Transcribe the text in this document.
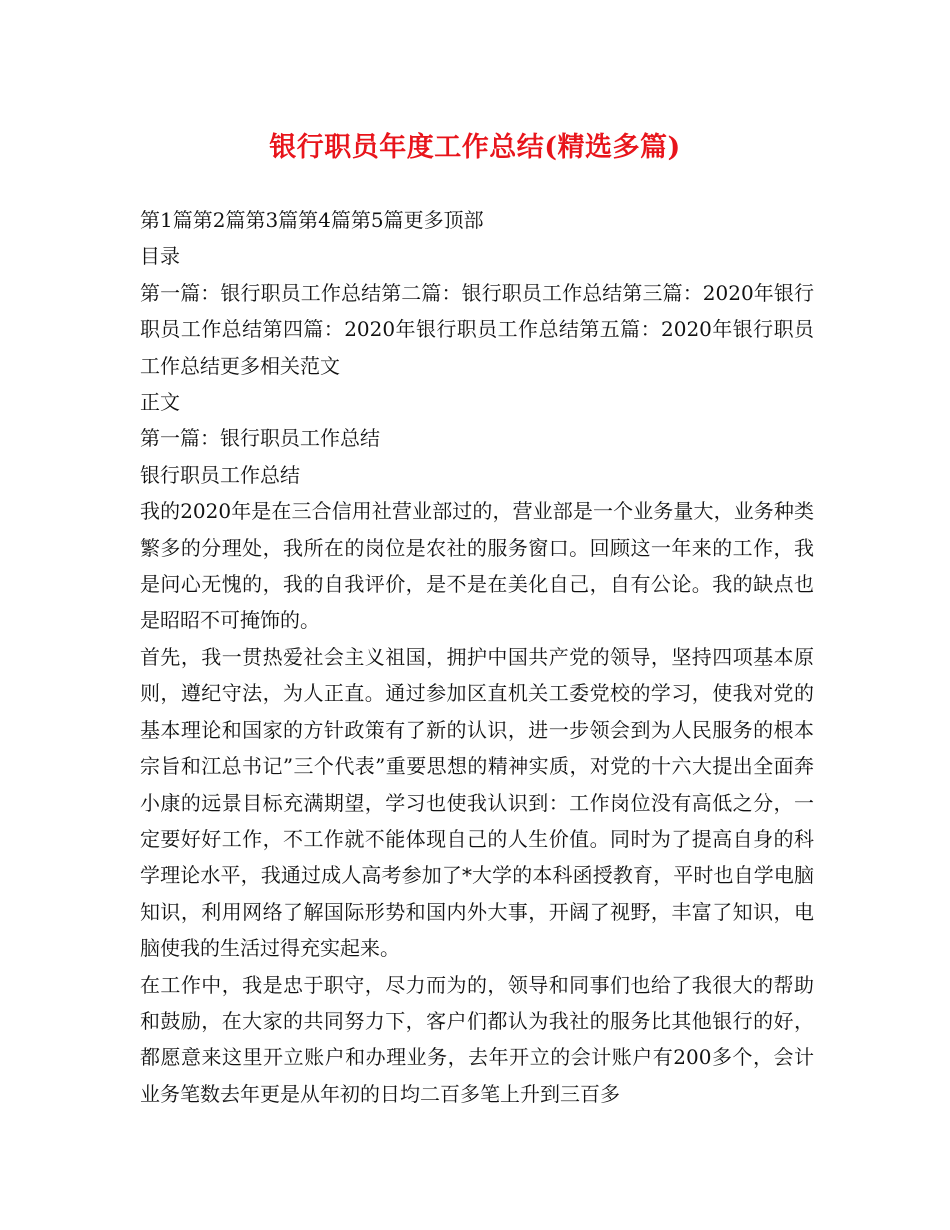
银行职员年度工作总结(精选多篇)

第1篇第2篇第3篇第4篇第5篇更多顶部

目录

第一篇：银行职员工作总结第二篇：银行职员工作总结第三篇：2020年银行职员工作总结第四篇：2020年银行职员工作总结第五篇：2020年银行职员工作总结更多相关范文

正文

第一篇：银行职员工作总结

银行职员工作总结

我的2020年是在三合信用社营业部过的，营业部是一个业务量大，业务种类繁多的分理处，我所在的岗位是农社的服务窗口。回顾这一年来的工作，我是问心无愧的，我的自我评价，是不是在美化自己，自有公论。我的缺点也是昭昭不可掩饰的。

首先，我一贯热爱社会主义祖国，拥护中国共产党的领导，坚持四项基本原则，遵纪守法，为人正直。通过参加区直机关工委党校的学习，使我对党的基本理论和国家的方针政策有了新的认识，进一步领会到为人民服务的根本宗旨和江总书记”三个代表”重要思想的精神实质，对党的十六大提出全面奔小康的远景目标充满期望，学习也使我认识到：工作岗位没有高低之分，一定要好好工作，不工作就不能体现自己的人生价值。同时为了提高自身的科学理论水平，我通过成人高考参加了*大学的本科函授教育，平时也自学电脑知识，利用网络了解国际形势和国内外大事，开阔了视野，丰富了知识，电脑使我的生活过得充实起来。

在工作中，我是忠于职守，尽力而为的，领导和同事们也给了我很大的帮助和鼓励，在大家的共同努力下，客户们都认为我社的服务比其他银行的好，都愿意来这里开立账户和办理业务，去年开立的会计账户有200多个，会计业务笔数去年更是从年初的日均二百多笔上升到三百多
